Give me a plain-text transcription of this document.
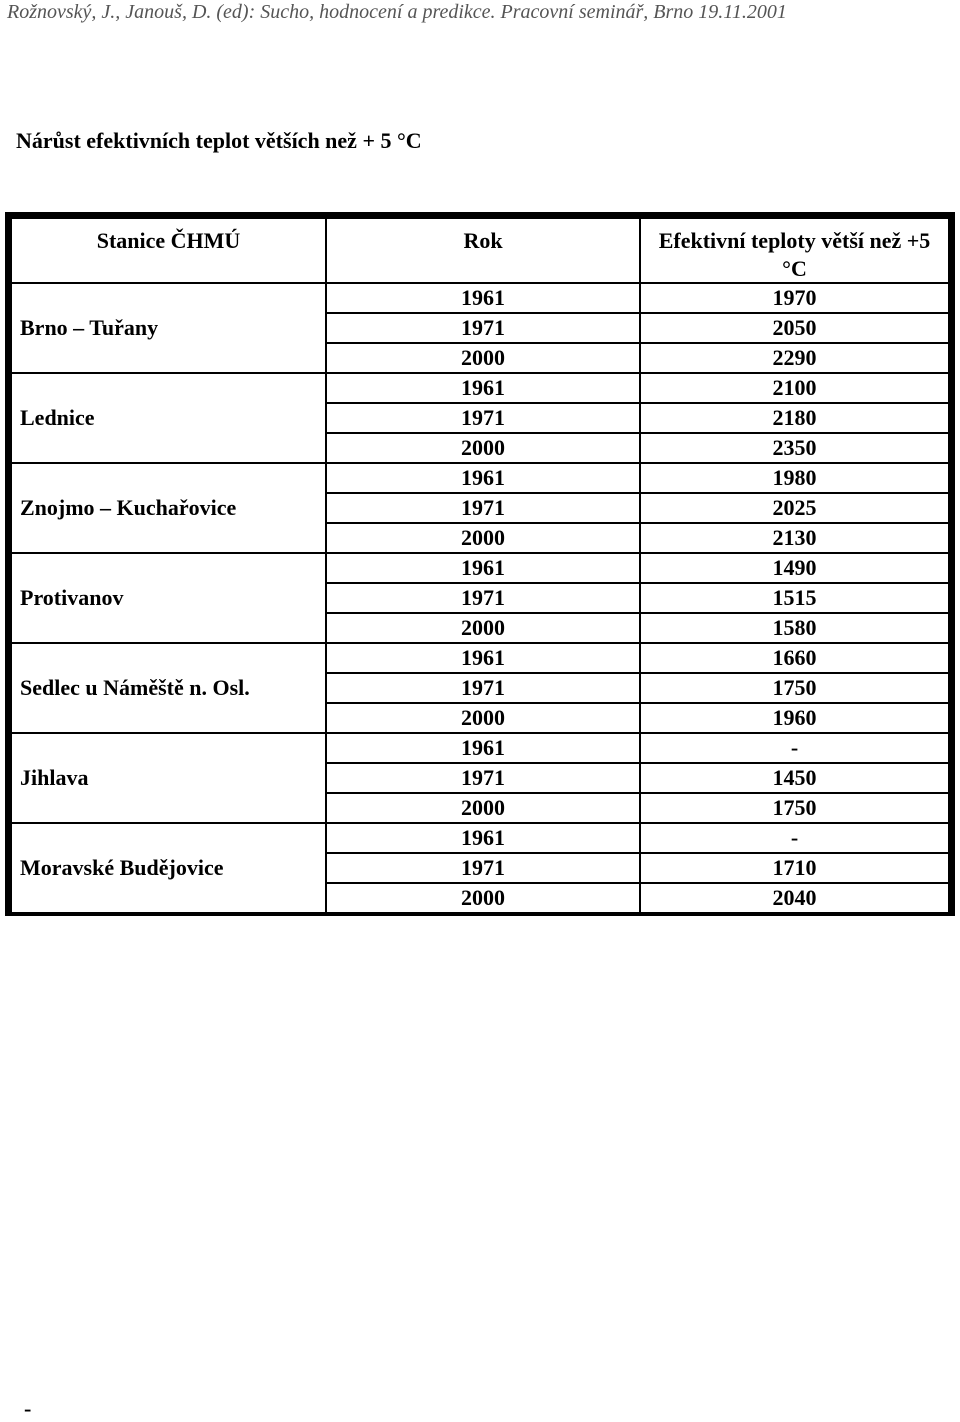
Rožnovský, J., Janouš, D. (ed): Sucho, hodnocení a predikce. Pracovní seminář, Brno 19.11.2001
Nárůst efektivních teplot větších než + 5 °C
Stanice ČHMÚ	Rok	Efektivní teploty větší než +5 °C
Brno – Tuřany
1961	1970
1971	2050
2000	2290
Lednice
1961	2100
1971	2180
2000	2350
Znojmo – Kuchařovice
1961	1980
1971	2025
2000	2130
Protivanov
1961	1490
1971	1515
2000	1580
Sedlec u Náměště n. Osl.
1961	1660
1971	1750
2000	1960
Jihlava
1961	-
1971	1450
2000	1750
Moravské Budějovice
1961	-
1971	1710
2000	2040
-
